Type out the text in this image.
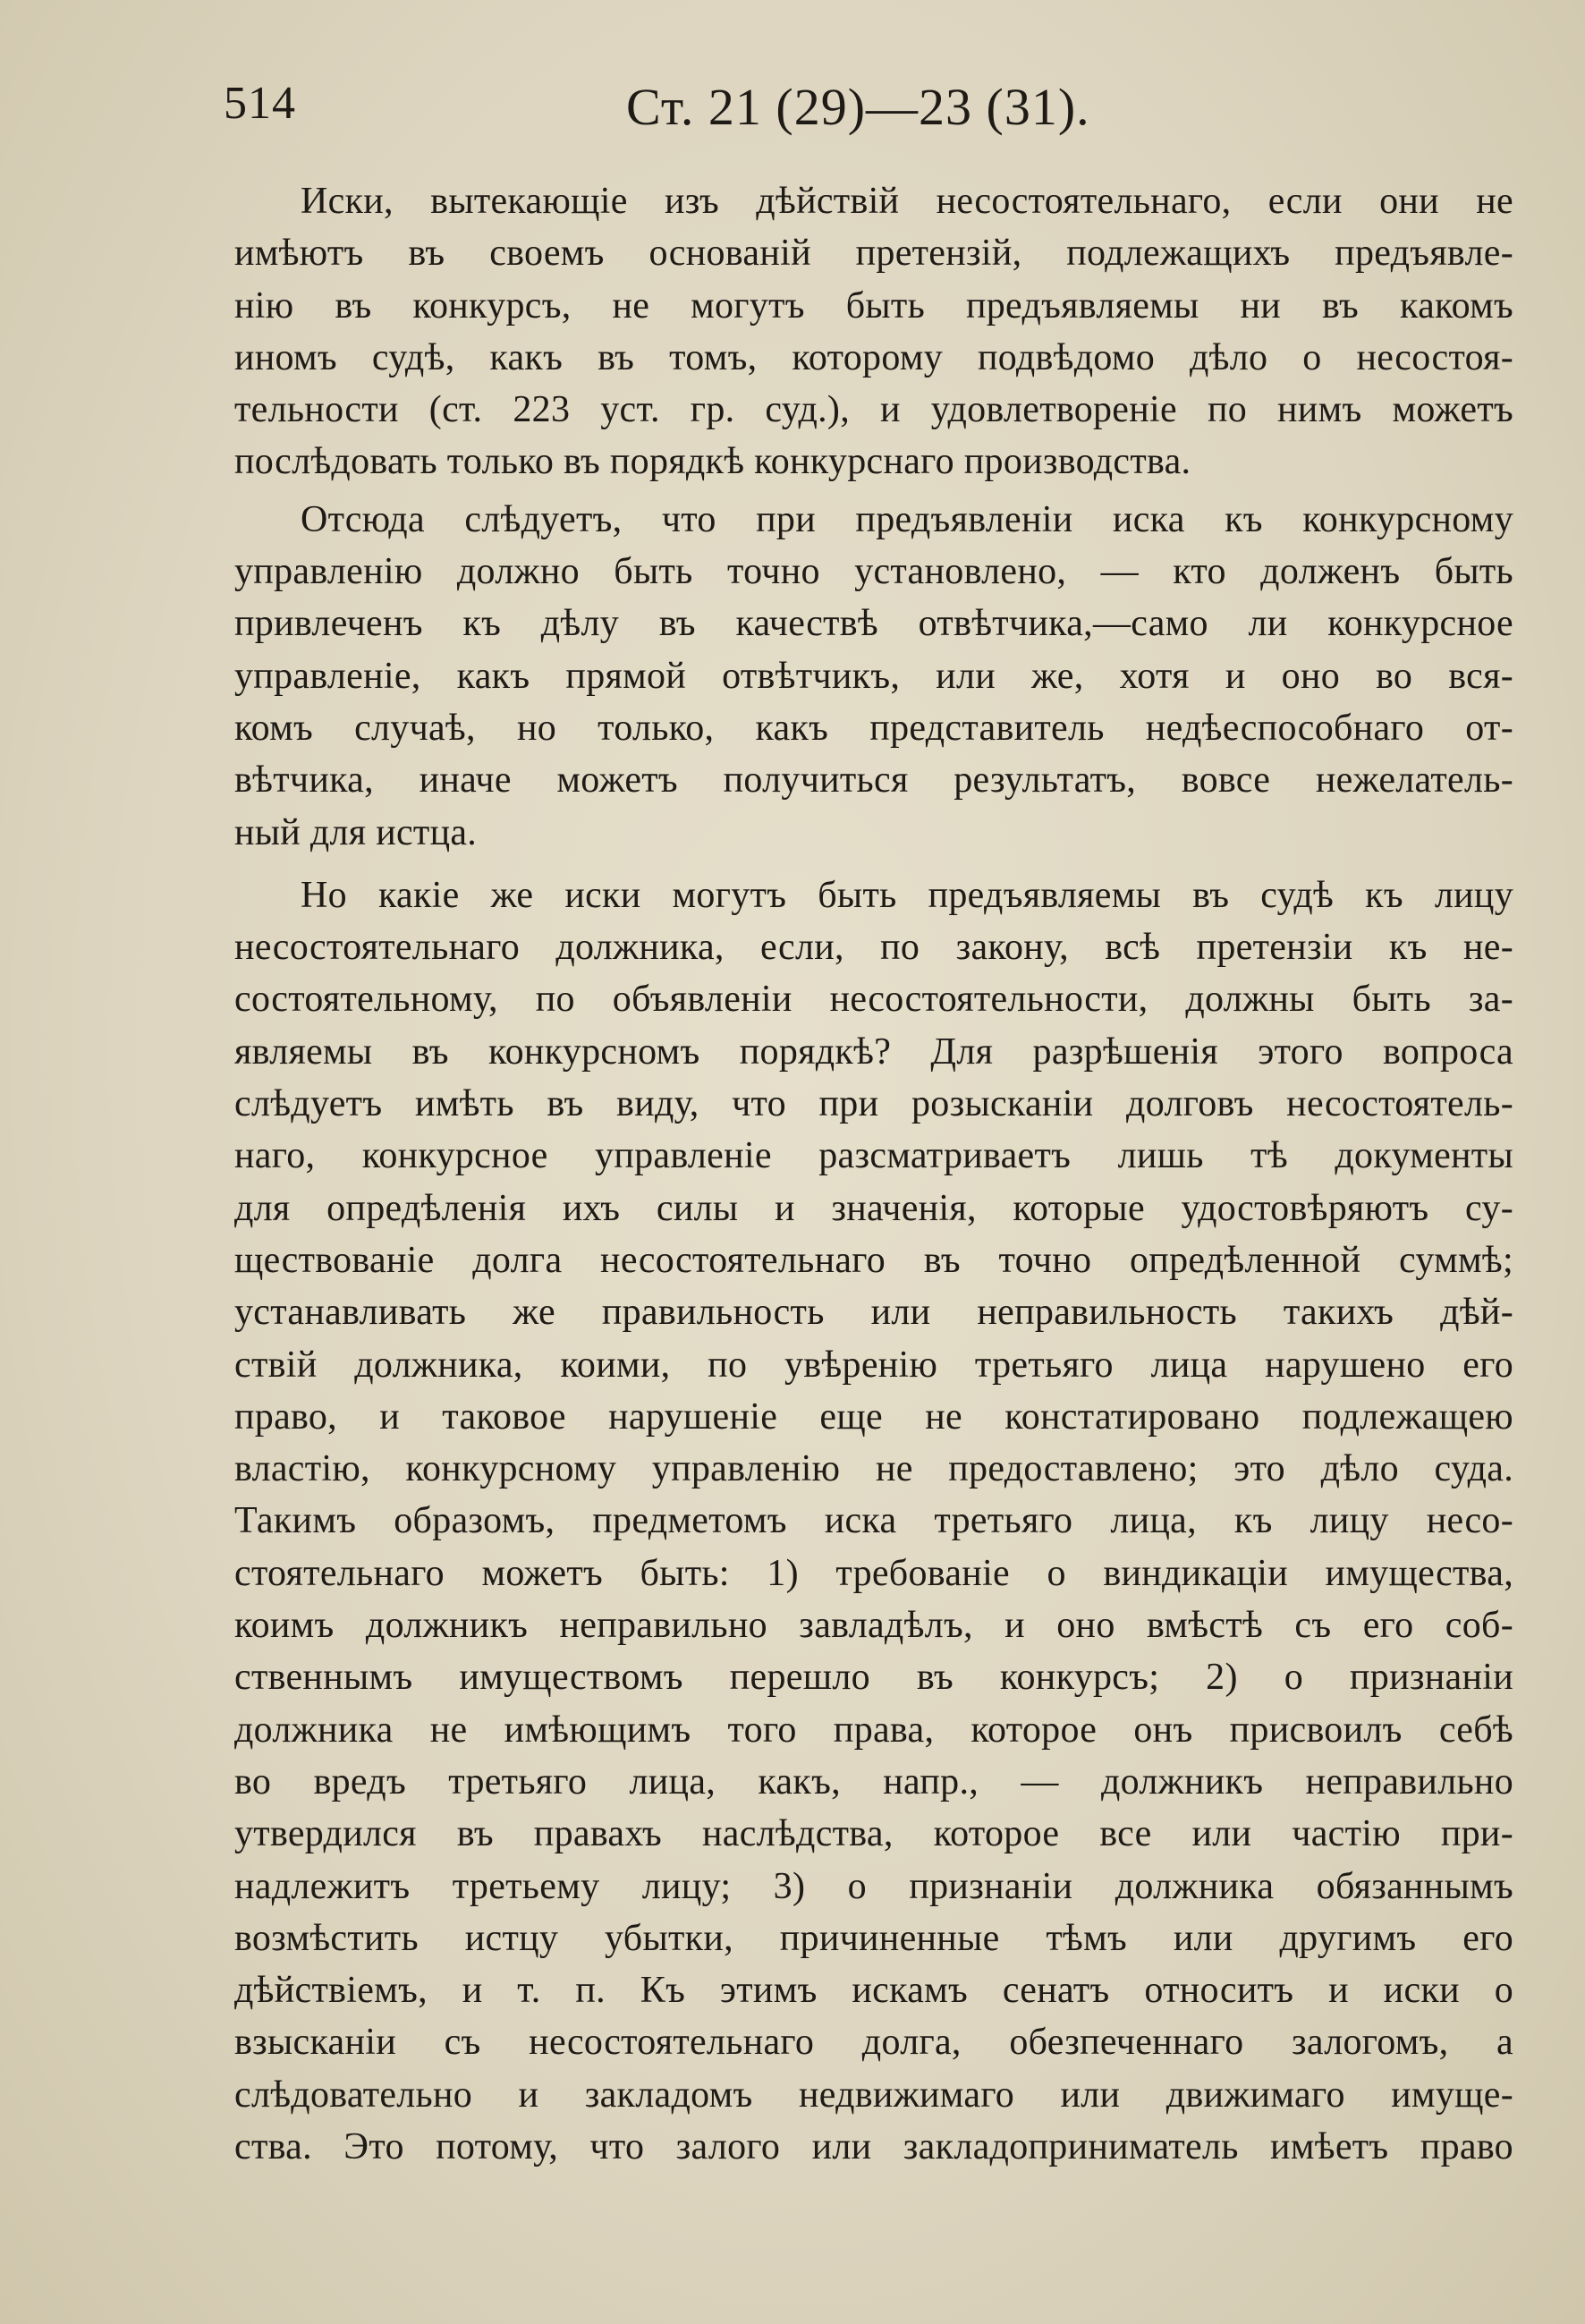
514	Ст. 21 (29)—23 (31).

Иски, вытекающіе изъ дѣйствій несостоятельнаго, если они не
имѣютъ въ своемъ основаній претензій, подлежащихъ предъявле-
нію въ конкурсъ, не могутъ быть предъявляемы ни въ какомъ
иномъ судѣ, какъ въ томъ, которому подвѣдомо дѣло о несостоя-
тельности (ст. 223 уст. гр. суд.), и удовлетвореніе по нимъ можетъ
послѣдовать только въ порядкѣ конкурснаго производства.

Отсюда слѣдуетъ, что при предъявленіи иска къ конкурсному
управленію должно быть точно установлено, — кто долженъ быть
привлеченъ къ дѣлу въ качествѣ отвѣтчика,—само ли конкурсное
управленіе, какъ прямой отвѣтчикъ, или же, хотя и оно во вся-
комъ случаѣ, но только, какъ представитель недѣеспособнаго от-
вѣтчика, иначе можетъ получиться результатъ, вовсе нежелатель-
ный для истца.

Но какіе же иски могутъ быть предъявляемы въ судѣ къ лицу
несостоятельнаго должника, если, по закону, всѣ претензіи къ не-
состоятельному, по объявленіи несостоятельности, должны быть за-
являемы въ конкурсномъ порядкѣ? Для разрѣшенія этого вопроса
слѣдуетъ имѣть въ виду, что при розысканіи долговъ несостоятель-
наго, конкурсное управленіе разсматриваетъ лишь тѣ документы
для опредѣленія ихъ силы и значенія, которые удостовѣряютъ су-
ществованіе долга несостоятельнаго въ точно опредѣленной суммѣ;
устанавливать же правильность или неправильность такихъ дѣй-
ствій должника, коими, по увѣренію третьяго лица нарушено его
право, и таковое нарушеніе еще не констатировано подлежащею
властію, конкурсному управленію не предоставлено; это дѣло суда.
Такимъ образомъ, предметомъ иска третьяго лица, къ лицу несо-
стоятельнаго можетъ быть: 1) требованіе о виндикаціи имущества,
коимъ должникъ неправильно завладѣлъ, и оно вмѣстѣ съ его соб-
ственнымъ имуществомъ перешло въ конкурсъ; 2) о признаніи
должника не имѣющимъ того права, которое онъ присвоилъ себѣ
во вредъ третьяго лица, какъ, напр., — должникъ неправильно
утвердился въ правахъ наслѣдства, которое все или частію при-
надлежитъ третьему лицу; 3) о признаніи должника обязаннымъ
возмѣстить истцу убытки, причиненные тѣмъ или другимъ его
дѣйствіемъ, и т. п. Къ этимъ искамъ сенатъ относитъ и иски о
взысканіи съ несостоятельнаго долга, обезпеченнаго залогомъ, а
слѣдовательно и закладомъ недвижимаго или движимаго имуще-
ства. Это потому, что залого или закладоприниматель имѣетъ право
